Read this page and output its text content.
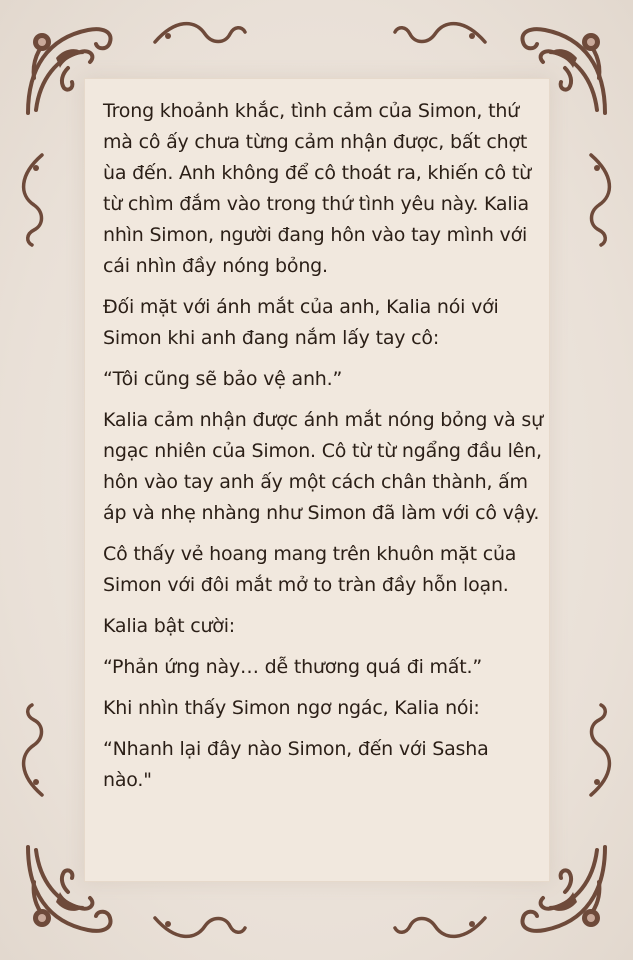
Trong khoảnh khắc, tình cảm của Simon, thứ mà cô ấy chưa từng cảm nhận được, bất chợt ùa đến. Anh không để cô thoát ra, khiến cô từ từ chìm đắm vào trong thứ tình yêu này. Kalia nhìn Simon, người đang hôn vào tay mình với cái nhìn đầy nóng bỏng.

Đối mặt với ánh mắt của anh, Kalia nói với Simon khi anh đang nắm lấy tay cô:

“Tôi cũng sẽ bảo vệ anh.”

Kalia cảm nhận được ánh mắt nóng bỏng và sự ngạc nhiên của Simon. Cô từ từ ngẩng đầu lên, hôn vào tay anh ấy một cách chân thành, ấm áp và nhẹ nhàng như Simon đã làm với cô vậy.

Cô thấy vẻ hoang mang trên khuôn mặt của Simon với đôi mắt mở to tràn đầy hỗn loạn.

Kalia bật cười:

“Phản ứng này… dễ thương quá đi mất.”

Khi nhìn thấy Simon ngơ ngác, Kalia nói:

“Nhanh lại đây nào Simon, đến với Sasha nào."
